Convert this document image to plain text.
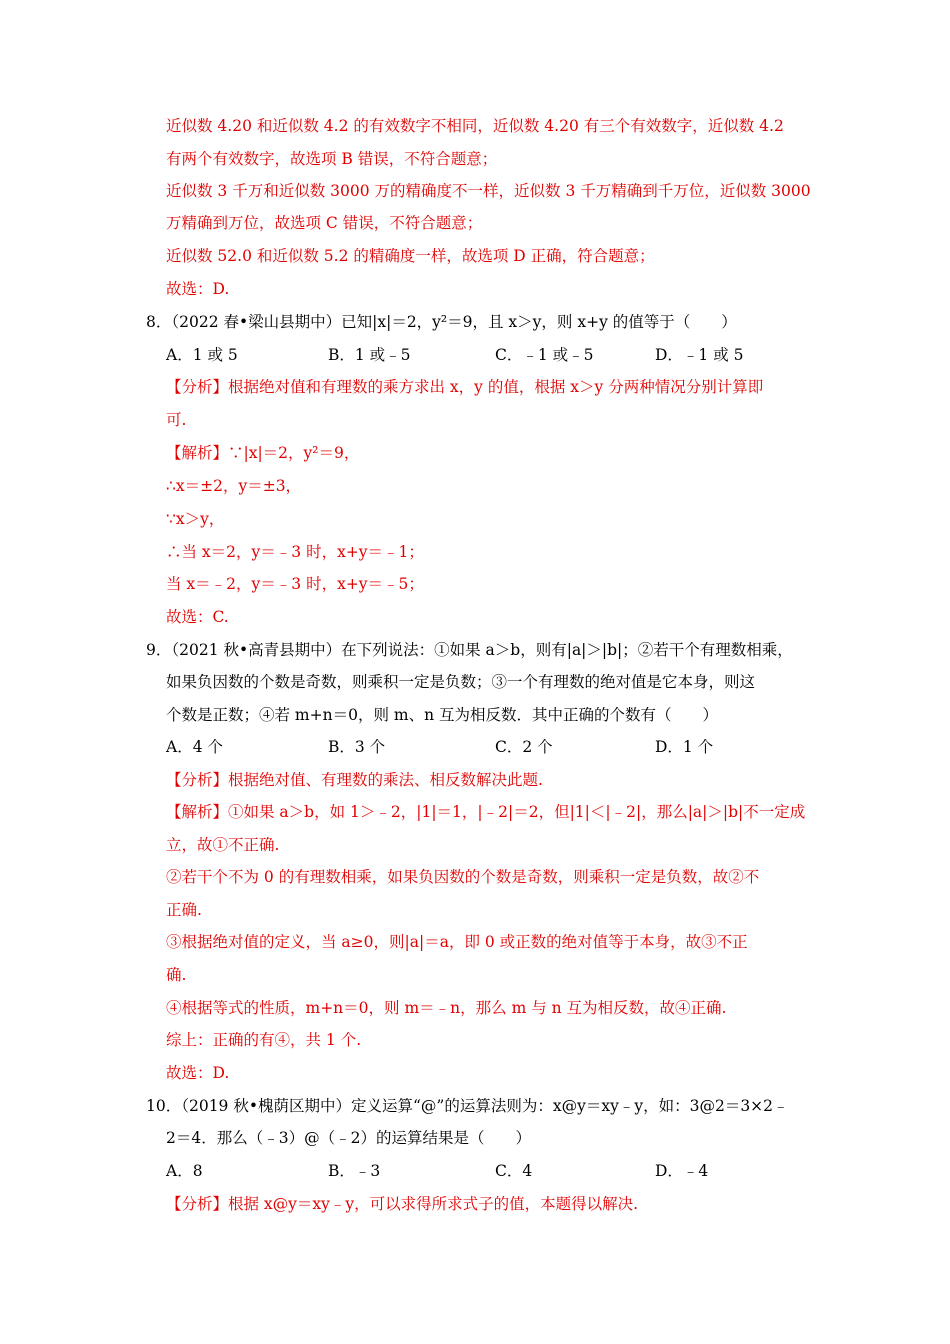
近似数 4.20 和近似数 4.2 的有效数字不相同，近似数 4.20 有三个有效数字，近似数 4.2
有两个有效数字，故选项 B 错误，不符合题意；
近似数 3 千万和近似数 3000 万的精确度不一样，近似数 3 千万精确到千万位，近似数 3000
万精确到万位，故选项 C 错误，不符合题意；
近似数 52.0 和近似数 5.2 的精确度一样，故选项 D 正确，符合题意；
故选：D.
8．（2022 春•梁山县期中）已知|x|＝2，y²＝9，且 x＞y，则 x+y 的值等于（　　）
A．1 或 5	B．1 或﹣5	C．﹣1 或﹣5	D．﹣1 或 5
【分析】根据绝对值和有理数的乘方求出 x，y 的值，根据 x＞y 分两种情况分别计算即
可.
【解析】∵|x|＝2，y²＝9，
∴x＝±2，y＝±3，
∵x＞y，
∴当 x＝2，y＝﹣3 时，x+y＝﹣1；
当 x＝﹣2，y＝﹣3 时，x+y＝﹣5；
故选：C.
9．（2021 秋•高青县期中）在下列说法：①如果 a＞b，则有|a|＞|b|；②若干个有理数相乘，
如果负因数的个数是奇数，则乘积一定是负数；③一个有理数的绝对值是它本身，则这
个数是正数；④若 m+n＝0，则 m、n 互为相反数．其中正确的个数有（　　）
A．4 个	B．3 个	C．2 个	D．1 个
【分析】根据绝对值、有理数的乘法、相反数解决此题.
【解析】①如果 a＞b，如 1＞﹣2，|1|＝1，|﹣2|＝2，但|1|＜|﹣2|，那么|a|＞|b|不一定成
立，故①不正确.
②若干个不为 0 的有理数相乘，如果负因数的个数是奇数，则乘积一定是负数，故②不
正确.
③根据绝对值的定义，当 a≥0，则|a|＝a，即 0 或正数的绝对值等于本身，故③不正
确.
④根据等式的性质，m+n＝0，则 m＝﹣n，那么 m 与 n 互为相反数，故④正确.
综上：正确的有④，共 1 个.
故选：D.
10．（2019 秋•槐荫区期中）定义运算“@”的运算法则为：x@y＝xy﹣y，如：3@2＝3×2﹣
2＝4．那么（﹣3）@（﹣2）的运算结果是（　　）
A．8	B．﹣3	C．4	D．﹣4
【分析】根据 x@y＝xy﹣y，可以求得所求式子的值，本题得以解决.
